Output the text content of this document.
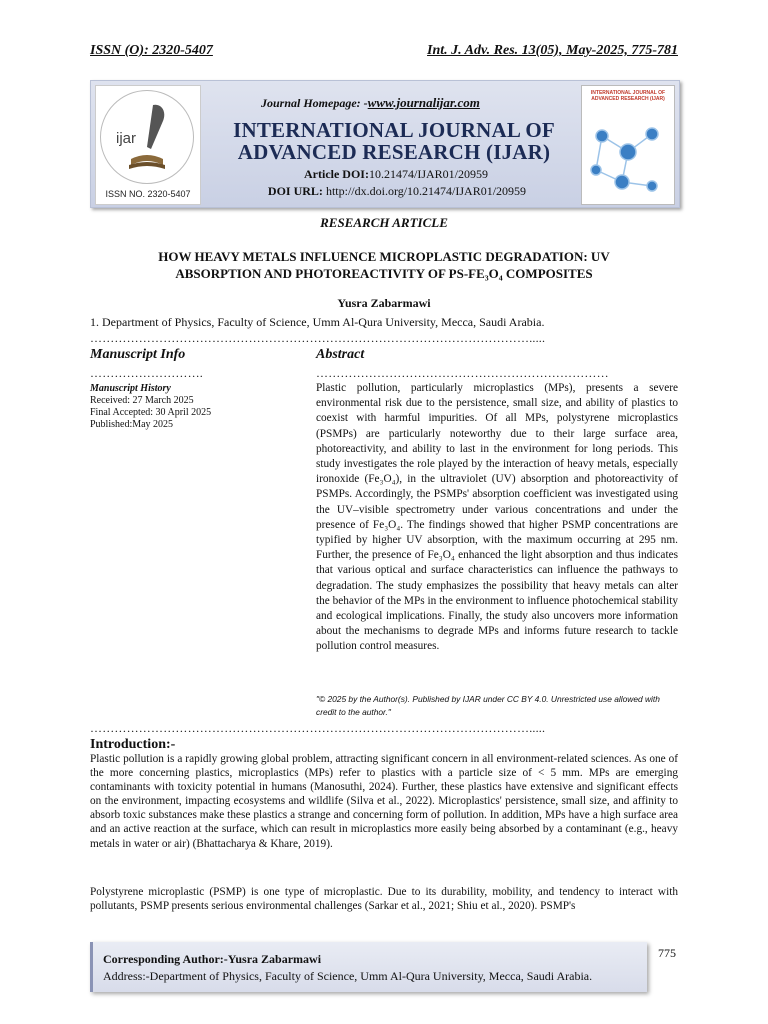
ISSN (O): 2320-5407	Int. J. Adv. Res. 13(05), May-2025, 775-781
ijar
ISSN NO. 2320-5407
Journal Homepage: -www.journalijar.com
INTERNATIONAL JOURNAL OF
ADVANCED RESEARCH (IJAR)
Article DOI:10.21474/IJAR01/20959
DOI URL: http://dx.doi.org/10.21474/IJAR01/20959
INTERNATIONAL JOURNAL OF ADVANCED RESEARCH (IJAR)
RESEARCH ARTICLE
HOW HEAVY METALS INFLUENCE MICROPLASTIC DEGRADATION: UV
ABSORPTION AND PHOTOREACTIVITY OF PS-FE₃O₄ COMPOSITES
Yusra Zabarmawi
1. Department of Physics, Faculty of Science, Umm Al-Qura University, Mecca, Saudi Arabia.
……………………………………………………………………………………………….....
Manuscript Info	Abstract
……………………….	………………………………………………………………
Manuscript History
Received: 27 March 2025
Final Accepted: 30 April 2025
Published:May 2025
Plastic pollution, particularly microplastics (MPs), presents a severe environmental risk due to the persistence, small size, and ability of plastics to coexist with harmful impurities. Of all MPs, polystyrene microplastics (PSMPs) are particularly noteworthy due to their large surface area, photoreactivity, and ability to last in the environment for long periods. This study investigates the role played by the interaction of heavy metals, especially ironoxide (Fe₃O₄), in the ultraviolet (UV) absorption and photoreactivity of PSMPs. Accordingly, the PSMPs' absorption coefficient was investigated using the UV–visible spectrometry under various concentrations and under the presence of Fe₃O₄. The findings showed that higher PSMP concentrations are typified by higher UV absorption, with the maximum occurring at 295 nm. Further, the presence of Fe₃O₄ enhanced the light absorption and thus indicates that various optical and surface characteristics can influence the pathways to degradation. The study emphasizes the possibility that heavy metals can alter the behavior of the MPs in the environment to influence photochemical stability and ecological implications. Finally, the study also uncovers more information about the mechanisms to degrade MPs and informs future research to tackle pollution control measures.
"© 2025 by the Author(s). Published by IJAR under CC BY 4.0. Unrestricted use allowed with credit to the author."
……………………………………………………………………………………………….....
Introduction:-
Plastic pollution is a rapidly growing global problem, attracting significant concern in all environment-related sciences. As one of the more concerning plastics, microplastics (MPs) refer to plastics with a particle size of < 5 mm. MPs are emerging contaminants with toxicity potential in humans (Manosuthi, 2024). Further, these plastics have extensive and significant effects on the environment, impacting ecosystems and wildlife (Silva et al., 2022). Microplastics' persistence, small size, and affinity to absorb toxic substances make these plastics a strange and concerning form of pollution. In addition, MPs have a high surface area and an active reaction at the surface, which can result in microplastics more easily being absorbed by a contaminant (e.g., heavy metals in water or air) (Bhattacharya & Khare, 2019).
Polystyrene microplastic (PSMP) is one type of microplastic. Due to its durability, mobility, and tendency to interact with pollutants, PSMP presents serious environmental challenges (Sarkar et al., 2021; Shiu et al., 2020). PSMP's
Corresponding Author:-Yusra Zabarmawi
Address:-Department of Physics, Faculty of Science, Umm Al-Qura University, Mecca, Saudi Arabia.
775
